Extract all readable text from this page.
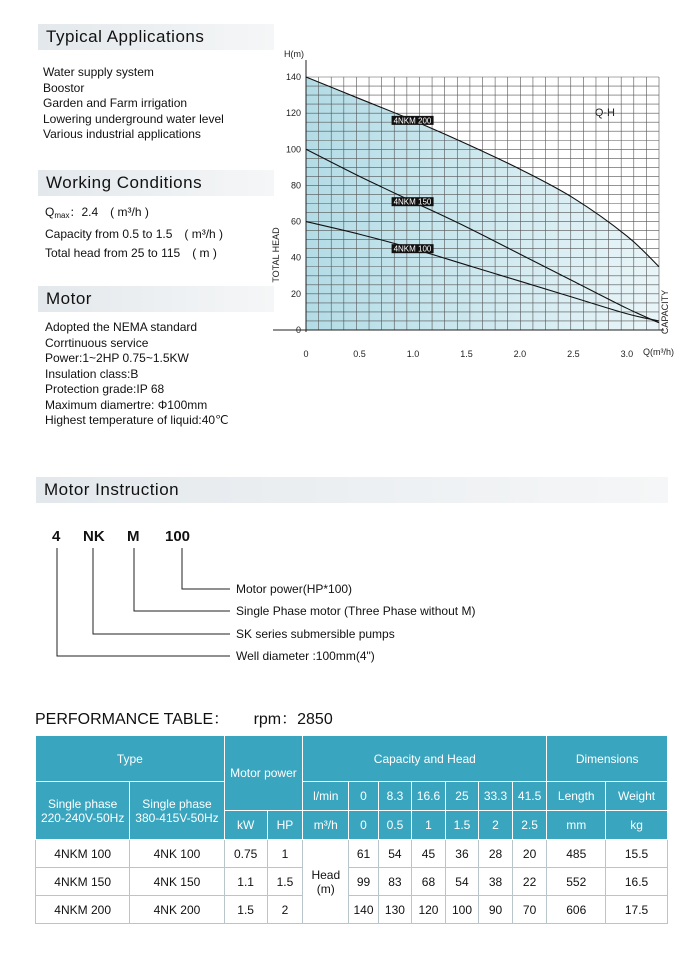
Typical Applications
Water supply system
Boostor
Garden and Farm irrigation
Lowering underground water level
Various industrial applications
Working Conditions
$Q_{max}$：2.4　( m³/h )
Capacity from 0.5 to 1.5　( m³/h )
Total head from 25 to 115　( m )
Motor
Adopted the NEMA standard
Corrtinuous service
Power:1~2HP 0.75~1.5KW
Insulation class:B
Protection grade:IP 68
Maximum diamertre: Φ100mm
Highest temperature of liquid:40℃
0
20
40
60
80
100
120
140
0	0.5	1.0	1.5	2.0	2.5	3.0
H(m)
TOTAL HEAD
Q(m³/h)
CAPACITY
Q-H
4NKM 200
4NKM 150
4NKM 100
Motor Instruction
4 NK M 100
Motor power(HP*100)
Single Phase motor (Three Phase without M)
SK series submersible pumps
Well diameter :100mm(4")
PERFORMANCE TABLE： rpm：2850
Type		Motor power		Capacity and Head							Dimensions	
Single phase 220-240V-50Hz	Single phase 380-415V-50Hz			l/min	0	8.3	16.6	25	33.3	41.5	Length	Weight
		kW	HP	m³/h	0	0.5	1	1.5	2	2.5	mm	kg
4NKM 100	4NK 100	0.75	1	Head (m)	61	54	45	36	28	20	485	15.5
4NKM 150	4NK 150	1.1	1.5		99	83	68	54	38	22	552	16.5
4NKM 200	4NK 200	1.5	2		140	130	120	100	90	70	606	17.5
